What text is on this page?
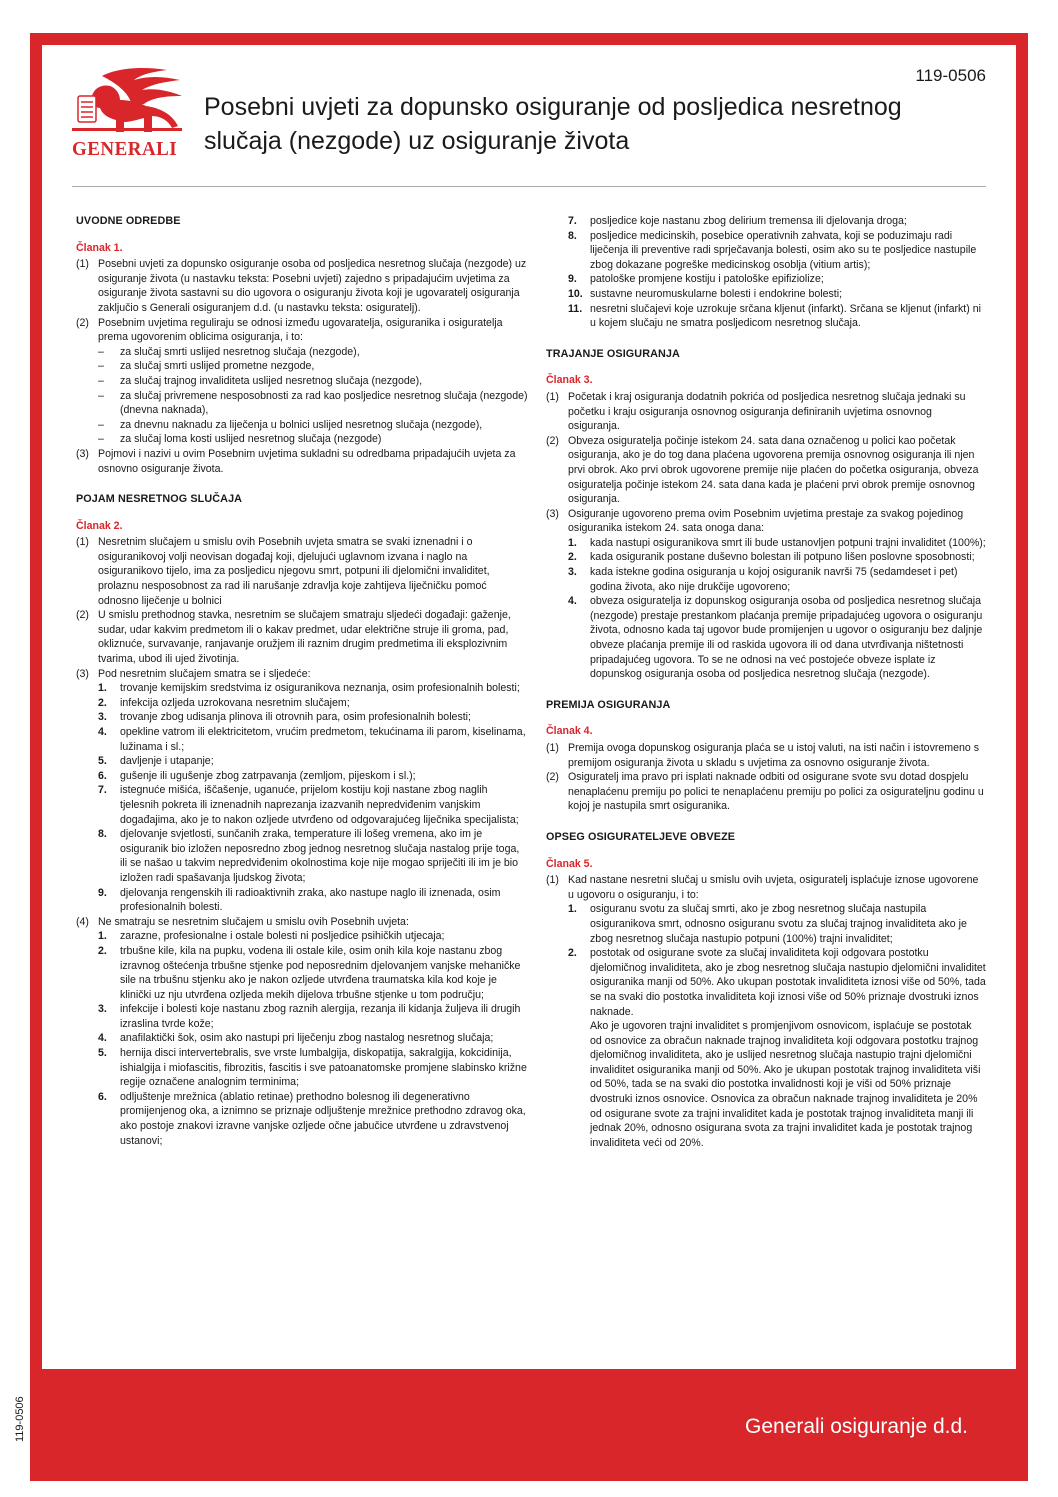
Generali osiguranje d.d.
119-0506
GENERALI
119-0506
Posebni uvjeti za dopunsko osiguranje od posljedica nesretnog slučaja (nezgode) uz osiguranje života
UVODNE ODREDBE
Članak 1.
(1) Posebni uvjeti za dopunsko osiguranje osoba od posljedica nesretnog slučaja (nezgode) uz osiguranje života (u nastavku teksta: Posebni uvjeti) zajedno s pripadajućim uvjetima za osiguranje života sastavni su dio ugovora o osiguranju života koji je ugovaratelj osiguranja zaključio s Generali osiguranjem d.d. (u nastavku teksta: osiguratelj).
(2) Posebnim uvjetima reguliraju se odnosi između ugovaratelja, osiguranika i osiguratelja prema ugovorenim oblicima osiguranja, i to:
–	za slučaj smrti uslijed nesretnog slučaja (nezgode),
–	za slučaj smrti uslijed prometne nezgode,
–	za slučaj trajnog invaliditeta uslijed nesretnog slučaja (nezgode),
–	za slučaj privremene nesposobnosti za rad kao posljedice nesretnog slučaja (nezgode) (dnevna naknada),
–	za dnevnu naknadu za liječenja u bolnici uslijed nesretnog slučaja (nezgode),
–	za slučaj loma kosti uslijed nesretnog slučaja (nezgode)
(3) Pojmovi i nazivi u ovim Posebnim uvjetima sukladni su odredbama pripadajućih uvjeta za osnovno osiguranje života.
POJAM NESRETNOG SLUČAJA
Članak 2.
(1) Nesretnim slučajem u smislu ovih Posebnih uvjeta smatra se svaki iznenadni i o osiguranikovoj volji neovisan događaj koji, djelujući uglavnom izvana i naglo na osiguranikovo tijelo, ima za posljedicu njegovu smrt, potpuni ili djelomični invaliditet, prolaznu nesposobnost za rad ili narušanje zdravlja koje zahtijeva liječničku pomoć odnosno liječenje u bolnici
(2) U smislu prethodnog stavka, nesretnim se slučajem smatraju sljedeći događaji: gaženje, sudar, udar kakvim predmetom ili o kakav predmet, udar električne struje ili groma, pad, okliznuće, survavanje, ranjavanje oružjem ili raznim drugim predmetima ili eksplozivnim tvarima, ubod ili ujed životinja.
(3) Pod nesretnim slučajem smatra se i sljedeće:
1.	trovanje kemijskim sredstvima iz osiguranikova neznanja, osim profesionalnih bolesti;
2.	infekcija ozljeda uzrokovana nesretnim slučajem;
3.	trovanje zbog udisanja plinova ili otrovnih para, osim profesionalnih bolesti;
4.	opekline vatrom ili elektricitetom, vrućim predmetom, tekućinama ili parom, kiselinama, lužinama i sl.;
5.	davljenje i utapanje;
6.	gušenje ili ugušenje zbog zatrpavanja (zemljom, pijeskom i sl.);
7.	istegnuće mišića, iščašenje, uganuće, prijelom kostiju koji nastane zbog naglih tjelesnih pokreta ili iznenadnih naprezanja izazvanih nepredviđenim vanjskim događajima, ako je to nakon ozljede utvrđeno od odgovarajućeg liječnika specijalista;
8.	djelovanje svjetlosti, sunčanih zraka, temperature ili lošeg vremena, ako im je osiguranik bio izložen neposredno zbog jednog nesretnog slučaja nastalog prije toga, ili se našao u takvim nepredviđenim okolnostima koje nije mogao spriječiti ili im je bio izložen radi spašavanja ljudskog života;
9.	djelovanja rengenskih ili radioaktivnih zraka, ako nastupe naglo ili iznenada, osim profesionalnih bolesti.
(4) Ne smatraju se nesretnim slučajem u smislu ovih Posebnih uvjeta:
1.	zarazne, profesionalne i ostale bolesti ni posljedice psihičkih utjecaja;
2.	trbušne kile, kila na pupku, vodena ili ostale kile, osim onih kila koje nastanu zbog izravnog oštećenja trbušne stjenke pod neposrednim djelovanjem vanjske mehaničke sile na trbušnu stjenku ako je nakon ozljede utvrđena traumatska kila kod koje je klinički uz nju utvrđena ozljeda mekih dijelova trbušne stjenke u tom području;
3.	infekcije i bolesti koje nastanu zbog raznih alergija, rezanja ili kidanja žuljeva ili drugih izraslina tvrde kože;
4.	anafilaktički šok, osim ako nastupi pri liječenju zbog nastalog nesretnog slučaja;
5.	hernija disci intervertebralis, sve vrste lumbalgija, diskopatija, sakralgija, kokcidinija, ishialgija i miofascitis, fibrozitis, fascitis i sve patoanatomske promjene slabinsko križne regije označene analognim terminima;
6.	odljuštenje mrežnica (ablatio retinae) prethodno bolesnog ili degenerativno promijenjenog oka, a iznimno se priznaje odljuštenje mrežnice prethodno zdravog oka, ako postoje znakovi izravne vanjske ozljede očne jabučice utvrđene u zdravstvenoj ustanovi;
7.	posljedice koje nastanu zbog delirium tremensa ili djelovanja droga;
8.	posljedice medicinskih, posebice operativnih zahvata, koji se poduzimaju radi liječenja ili preventive radi sprječavanja bolesti, osim ako su te posljedice nastupile zbog dokazane pogreške medicinskog osoblja (vitium artis);
9.	patološke promjene kostiju i patološke epifiziolize;
10. sustavne neuromuskularne bolesti i endokrine bolesti;
11. nesretni slučajevi koje uzrokuje srčana kljenut (infarkt). Srčana se kljenut (infarkt) ni u kojem slučaju ne smatra posljedicom nesretnog slučaja.
TRAJANJE OSIGURANJA
Članak 3.
(1) Početak i kraj osiguranja dodatnih pokrića od posljedica nesretnog slučaja jednaki su početku i kraju osiguranja osnovnog osiguranja definiranih uvjetima osnovnog osiguranja.
(2) Obveza osiguratelja počinje istekom 24. sata dana označenog u polici kao početak osiguranja, ako je do tog dana plaćena ugovorena premija osnovnog osiguranja ili njen prvi obrok. Ako prvi obrok ugovorene premije nije plaćen do početka osiguranja, obveza osiguratelja počinje istekom 24. sata dana kada je plaćeni prvi obrok premije osnovnog osiguranja.
(3) Osiguranje ugovoreno prema ovim Posebnim uvjetima prestaje za svakog pojedinog osiguranika istekom 24. sata onoga dana:
1.	kada nastupi osiguranikova smrt ili bude ustanovljen potpuni trajni invaliditet (100%);
2.	kada osiguranik postane duševno bolestan ili potpuno lišen poslovne sposobnosti;
3.	kada istekne godina osiguranja u kojoj osiguranik navrši 75 (sedamdeset i pet) godina života, ako nije drukčije ugovoreno;
4.	obveza osiguratelja iz dopunskog osiguranja osoba od posljedica nesretnog slučaja (nezgode) prestaje prestankom plaćanja premije pripadajućeg ugovora o osiguranju života, odnosno kada taj ugovor bude promijenjen u ugovor o osiguranju bez daljnje obveze plaćanja premije ili od raskida ugovora ili od dana utvrđivanja ništetnosti pripadajućeg ugovora. To se ne odnosi na već postojeće obveze isplate iz dopunskog osiguranja osoba od posljedica nesretnog slučaja (nezgode).
PREMIJA OSIGURANJA
Članak 4.
(1) Premija ovoga dopunskog osiguranja plaća se u istoj valuti, na isti način i istovremeno s premijom osiguranja života u skladu s uvjetima za osnovno osiguranje života.
(2) Osiguratelj ima pravo pri isplati naknade odbiti od osigurane svote svu dotad dospjelu nenaplaćenu premiju po polici te nenaplaćenu premiju po polici za osigurateljnu godinu u kojoj je nastupila smrt osiguranika.
OPSEG OSIGURATELJEVE OBVEZE
Članak 5.
(1) Kad nastane nesretni slučaj u smislu ovih uvjeta, osiguratelj isplaćuje iznose ugovorene u ugovoru o osiguranju, i to:
1.	osiguranu svotu za slučaj smrti, ako je zbog nesretnog slučaja nastupila osiguranikova smrt, odnosno osiguranu svotu za slučaj trajnog invaliditeta ako je zbog nesretnog slučaja nastupio potpuni (100%) trajni invaliditet;
2.	postotak od osigurane svote za slučaj invaliditeta koji odgovara postotku djelomičnog invaliditeta, ako je zbog nesretnog slučaja nastupio djelomični invaliditet osiguranika manji od 50%. Ako ukupan postotak invaliditeta iznosi više od 50%, tada se na svaki dio postotka invaliditeta koji iznosi više od 50% priznaje dvostruki iznos naknade.
Ako je ugovoren trajni invaliditet s promjenjivom osnovicom, isplaćuje se postotak od osnovice za obračun naknade trajnog invaliditeta koji odgovara postotku trajnog djelomičnog invaliditeta, ako je uslijed nesretnog slučaja nastupio trajni djelomični invaliditet osiguranika manji od 50%. Ako je ukupan postotak trajnog invaliditeta viši od 50%, tada se na svaki dio postotka invalidnosti koji je viši od 50% priznaje dvostruki iznos osnovice. Osnovica za obračun naknade trajnog invaliditeta je 20% od osigurane svote za trajni invaliditet kada je postotak trajnog invaliditeta manji ili jednak 20%, odnosno osigurana svota za trajni invaliditet kada je postotak trajnog invaliditeta veći od 20%.
